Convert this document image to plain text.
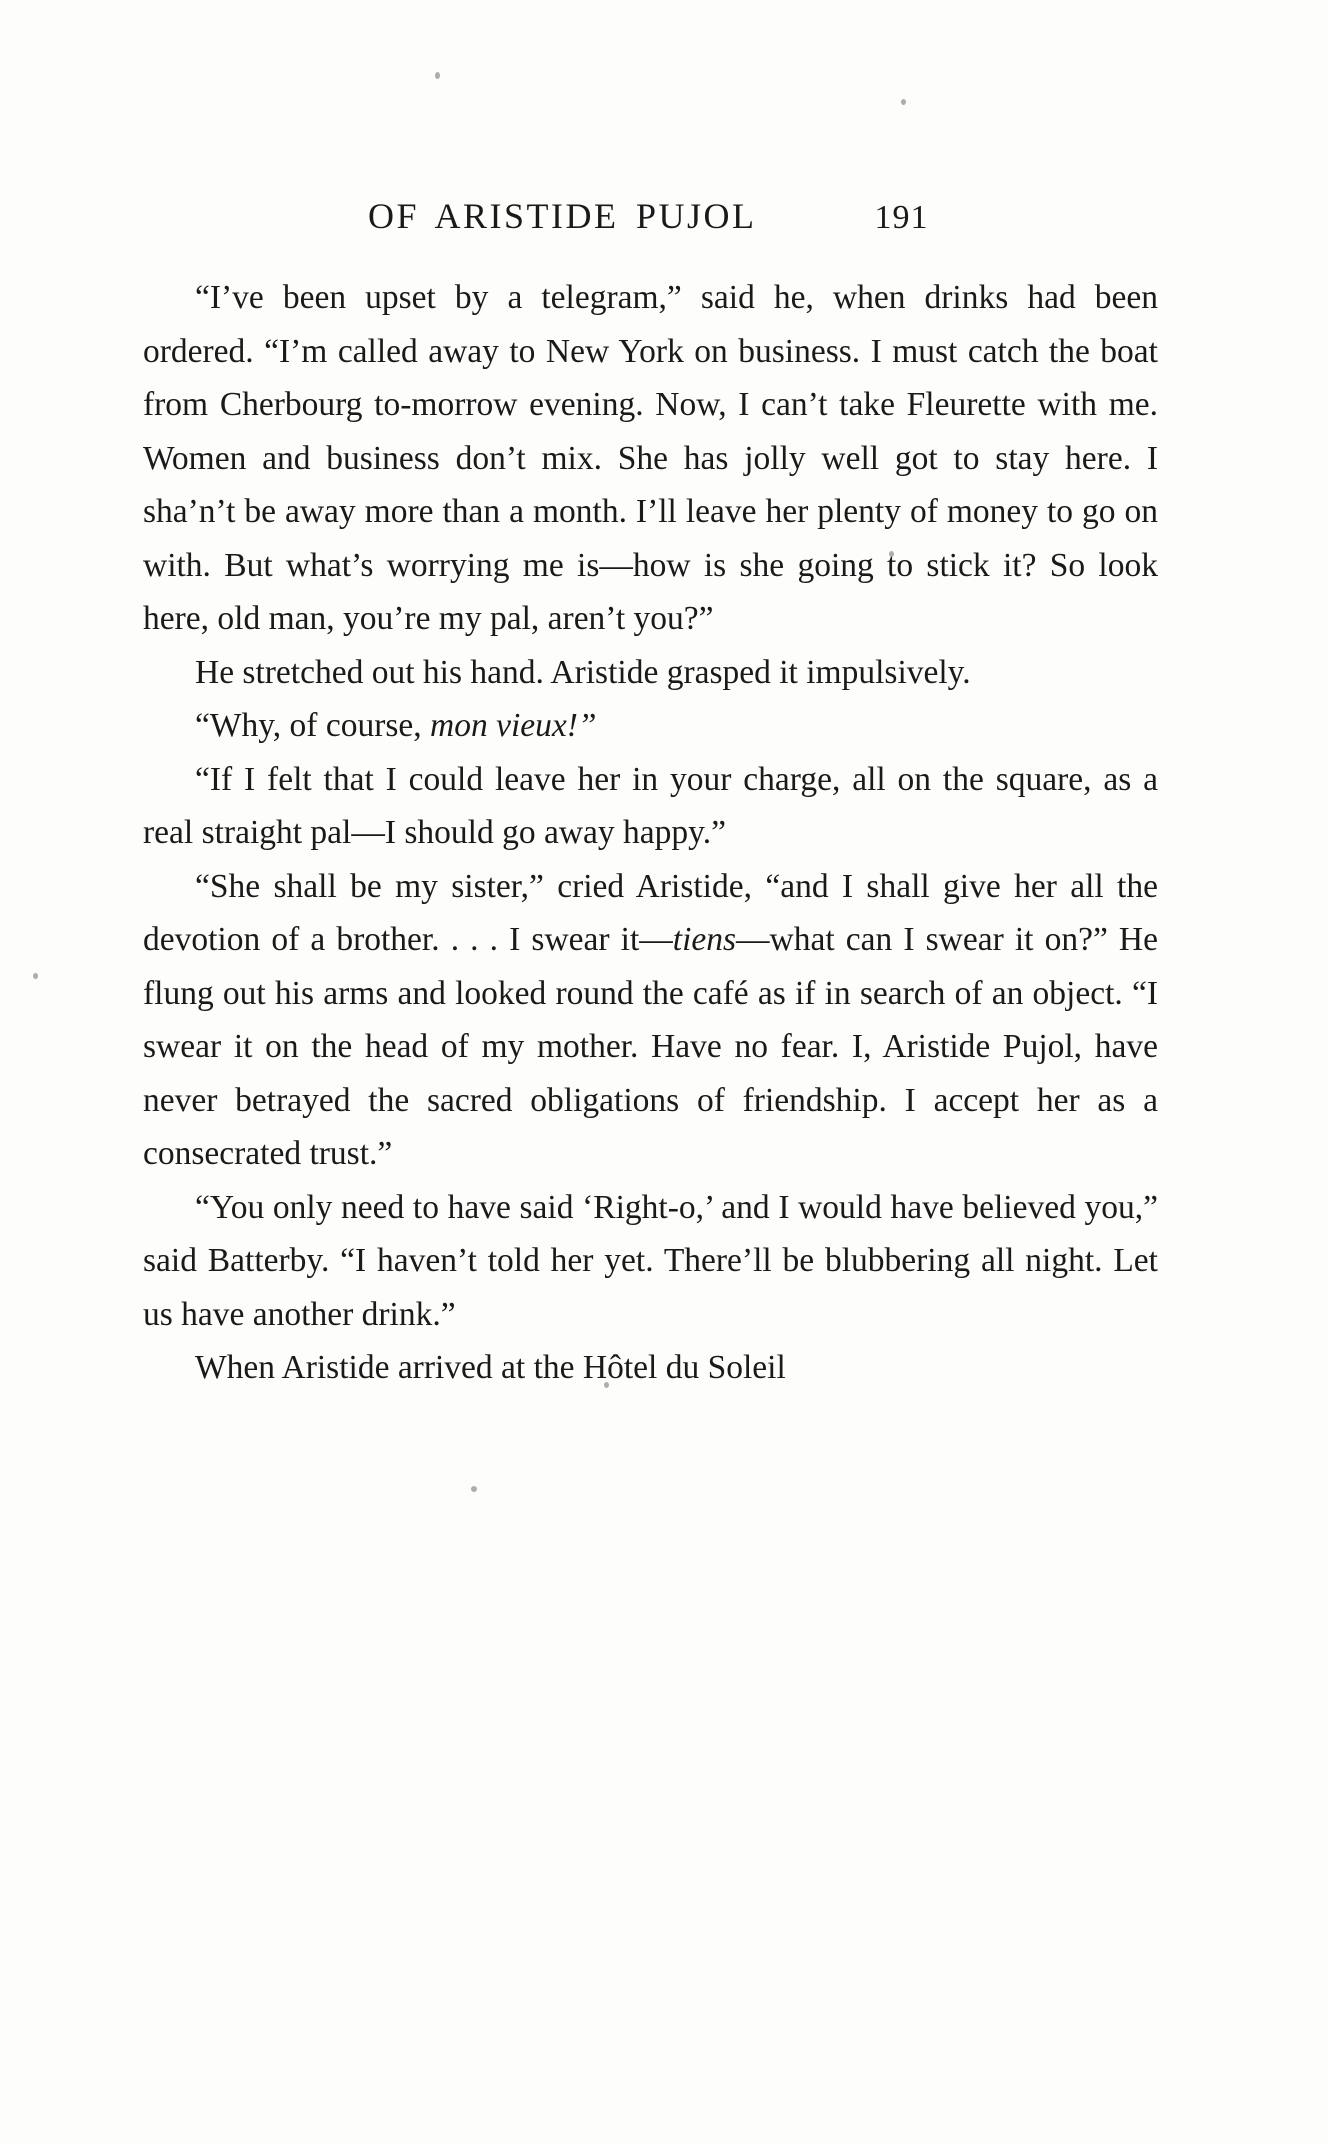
OF ARISTIDE PUJOL	191

“I’ve been upset by a telegram,” said he, when drinks had been ordered. “I’m called away to New York on business. I must catch the boat from Cherbourg to-morrow evening. Now, I can’t take Fleurette with me. Women and business don’t mix. She has jolly well got to stay here. I sha’n’t be away more than a month. I’ll leave her plenty of money to go on with. But what’s worrying me is—how is she going to stick it? So look here, old man, you’re my pal, aren’t you?”

He stretched out his hand. Aristide grasped it impulsively.

“Why, of course, mon vieux!”

“If I felt that I could leave her in your charge, all on the square, as a real straight pal—I should go away happy.”

“She shall be my sister,” cried Aristide, “and I shall give her all the devotion of a brother. . . . I swear it—tiens—what can I swear it on?” He flung out his arms and looked round the café as if in search of an object. “I swear it on the head of my mother. Have no fear. I, Aristide Pujol, have never betrayed the sacred obligations of friendship. I accept her as a consecrated trust.”

“You only need to have said ‘Right-o,’ and I would have believed you,” said Batterby. “I haven’t told her yet. There’ll be blubbering all night. Let us have another drink.”

When Aristide arrived at the Hôtel du Soleil
